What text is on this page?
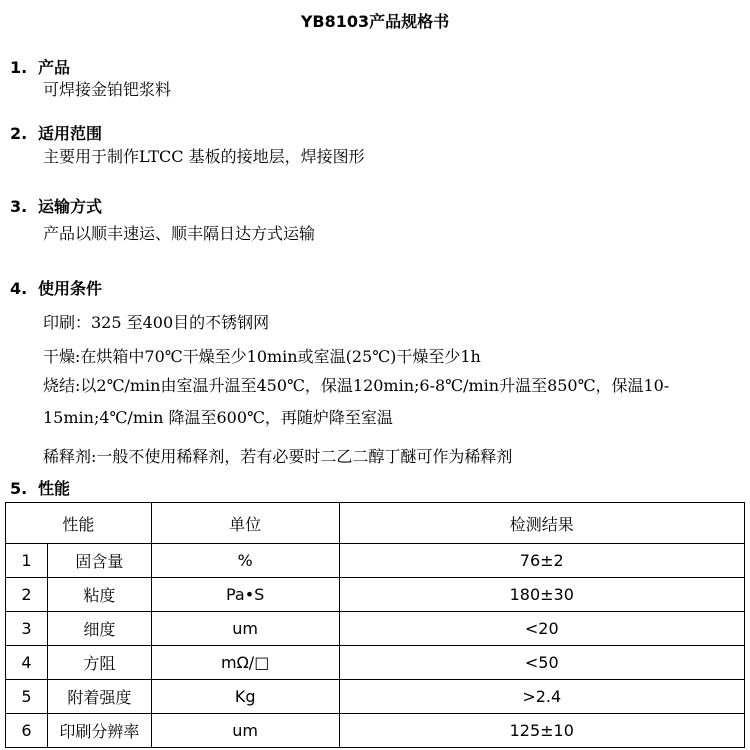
YB8103产品规格书
1. 产品
可焊接金铂钯浆料
2. 适用范围
主要用于制作LTCC 基板的接地层，焊接图形
3. 运输方式
产品以顺丰速运、顺丰隔日达方式运输
4. 使用条件
印刷：325 至400目的不锈钢网
干燥:在烘箱中70℃干燥至少10min或室温(25℃)干燥至少1h
烧结:以2℃/min由室温升温至450℃，保温120min;6-8℃/min升温至850℃，保温10-15min;4℃/min 降温至600℃，再随炉降至室温
稀释剂:一般不使用稀释剂，若有必要时二乙二醇丁醚可作为稀释剂
5. 性能
性能		单位	检测结果
1	固含量	%	76±2
2	粘度	Pa•S	180±30
3	细度	um	<20
4	方阻	mΩ/□	<50
5	附着强度	Kg	>2.4
6	印刷分辨率	um	125±10
